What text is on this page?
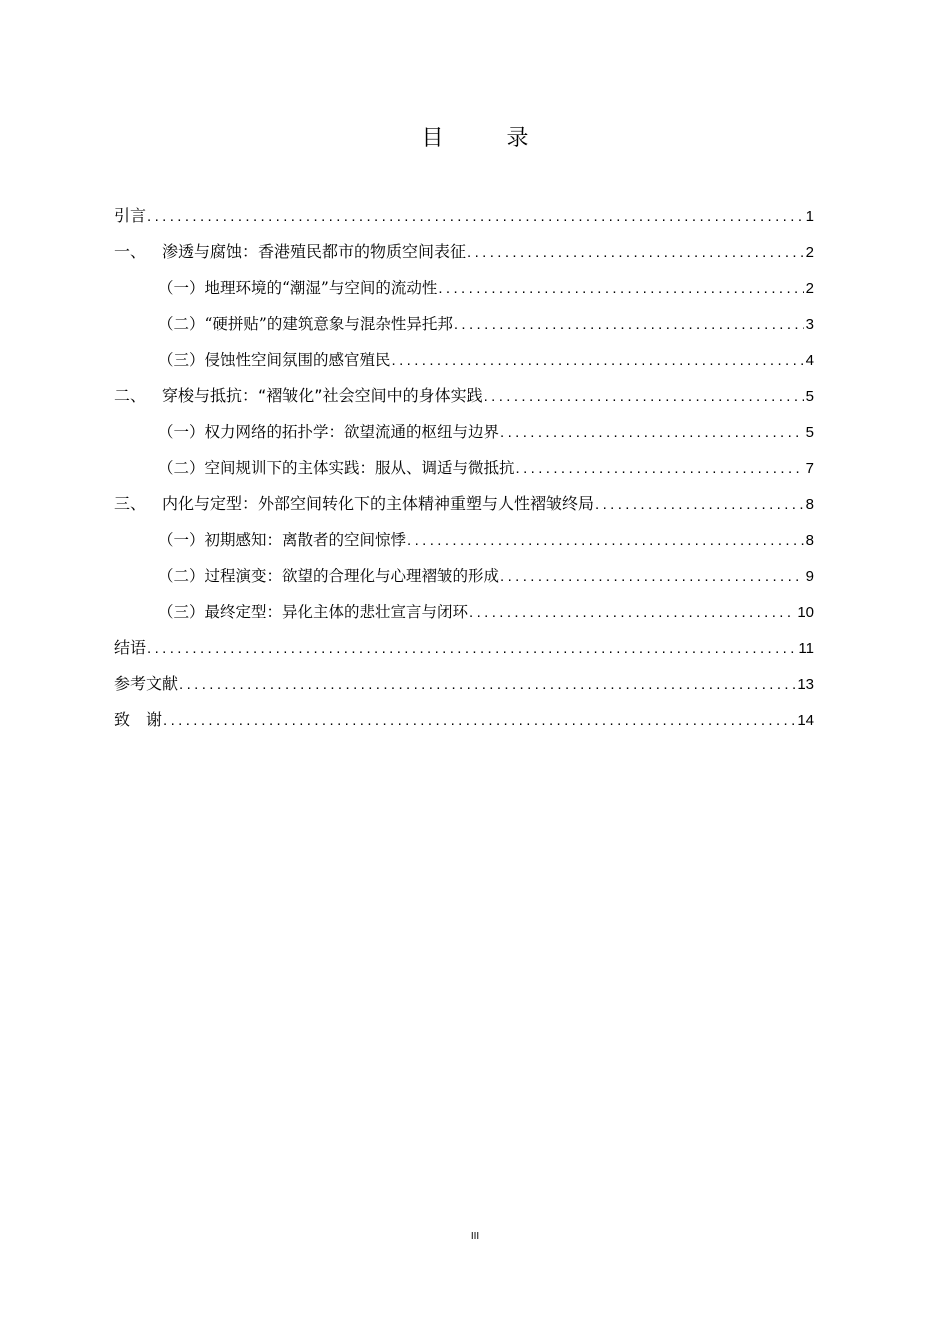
目 录
引言 .....	1
一、 渗透与腐蚀：香港殖民都市的物质空间表征 .....	2
（一）地理环境的“潮湿”与空间的流动性 .....	2
（二）“硬拼贴”的建筑意象与混杂性异托邦 .....	3
（三）侵蚀性空间氛围的感官殖民 .....	4
二、 穿梭与抵抗：“褶皱化”社会空间中的身体实践 .....	5
（一）权力网络的拓扑学：欲望流通的枢纽与边界 .....	5
（二）空间规训下的主体实践：服从、调适与微抵抗 .....	7
三、 内化与定型：外部空间转化下的主体精神重塑与人性褶皱终局 .....	8
（一）初期感知：离散者的空间惊悸 .....	8
（二）过程演变：欲望的合理化与心理褶皱的形成 .....	9
（三）最终定型：异化主体的悲壮宣言与闭环 .....	10
结语 .....	11
参考文献 .....	13
致　谢 .....	14
III
